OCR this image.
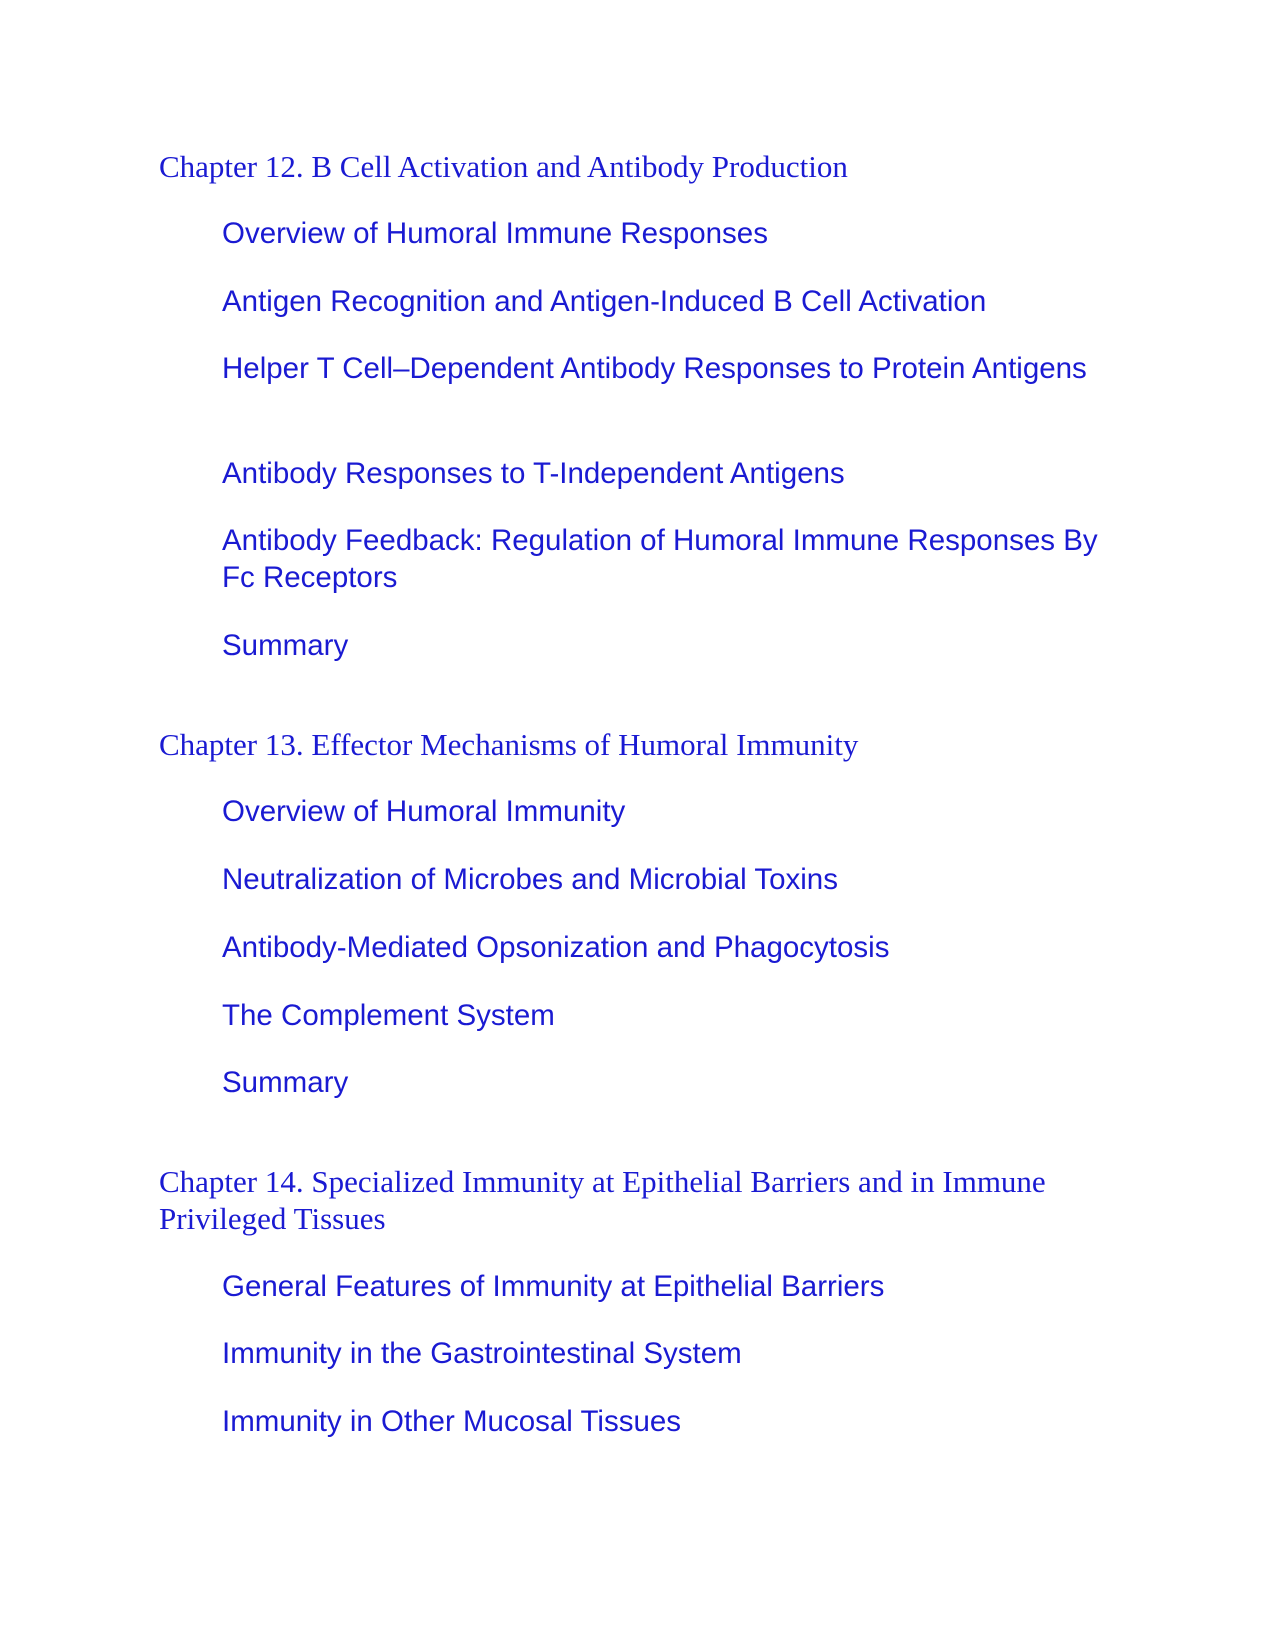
Chapter 12. B Cell Activation and Antibody Production
Overview of Humoral Immune Responses
Antigen Recognition and Antigen-Induced B Cell Activation
Helper T Cell–Dependent Antibody Responses to Protein Antigens
Antibody Responses to T-Independent Antigens
Antibody Feedback: Regulation of Humoral Immune Responses By Fc Receptors
Summary
Chapter 13. Effector Mechanisms of Humoral Immunity
Overview of Humoral Immunity
Neutralization of Microbes and Microbial Toxins
Antibody-Mediated Opsonization and Phagocytosis
The Complement System
Summary
Chapter 14. Specialized Immunity at Epithelial Barriers and in Immune Privileged Tissues
General Features of Immunity at Epithelial Barriers
Immunity in the Gastrointestinal System
Immunity in Other Mucosal Tissues
